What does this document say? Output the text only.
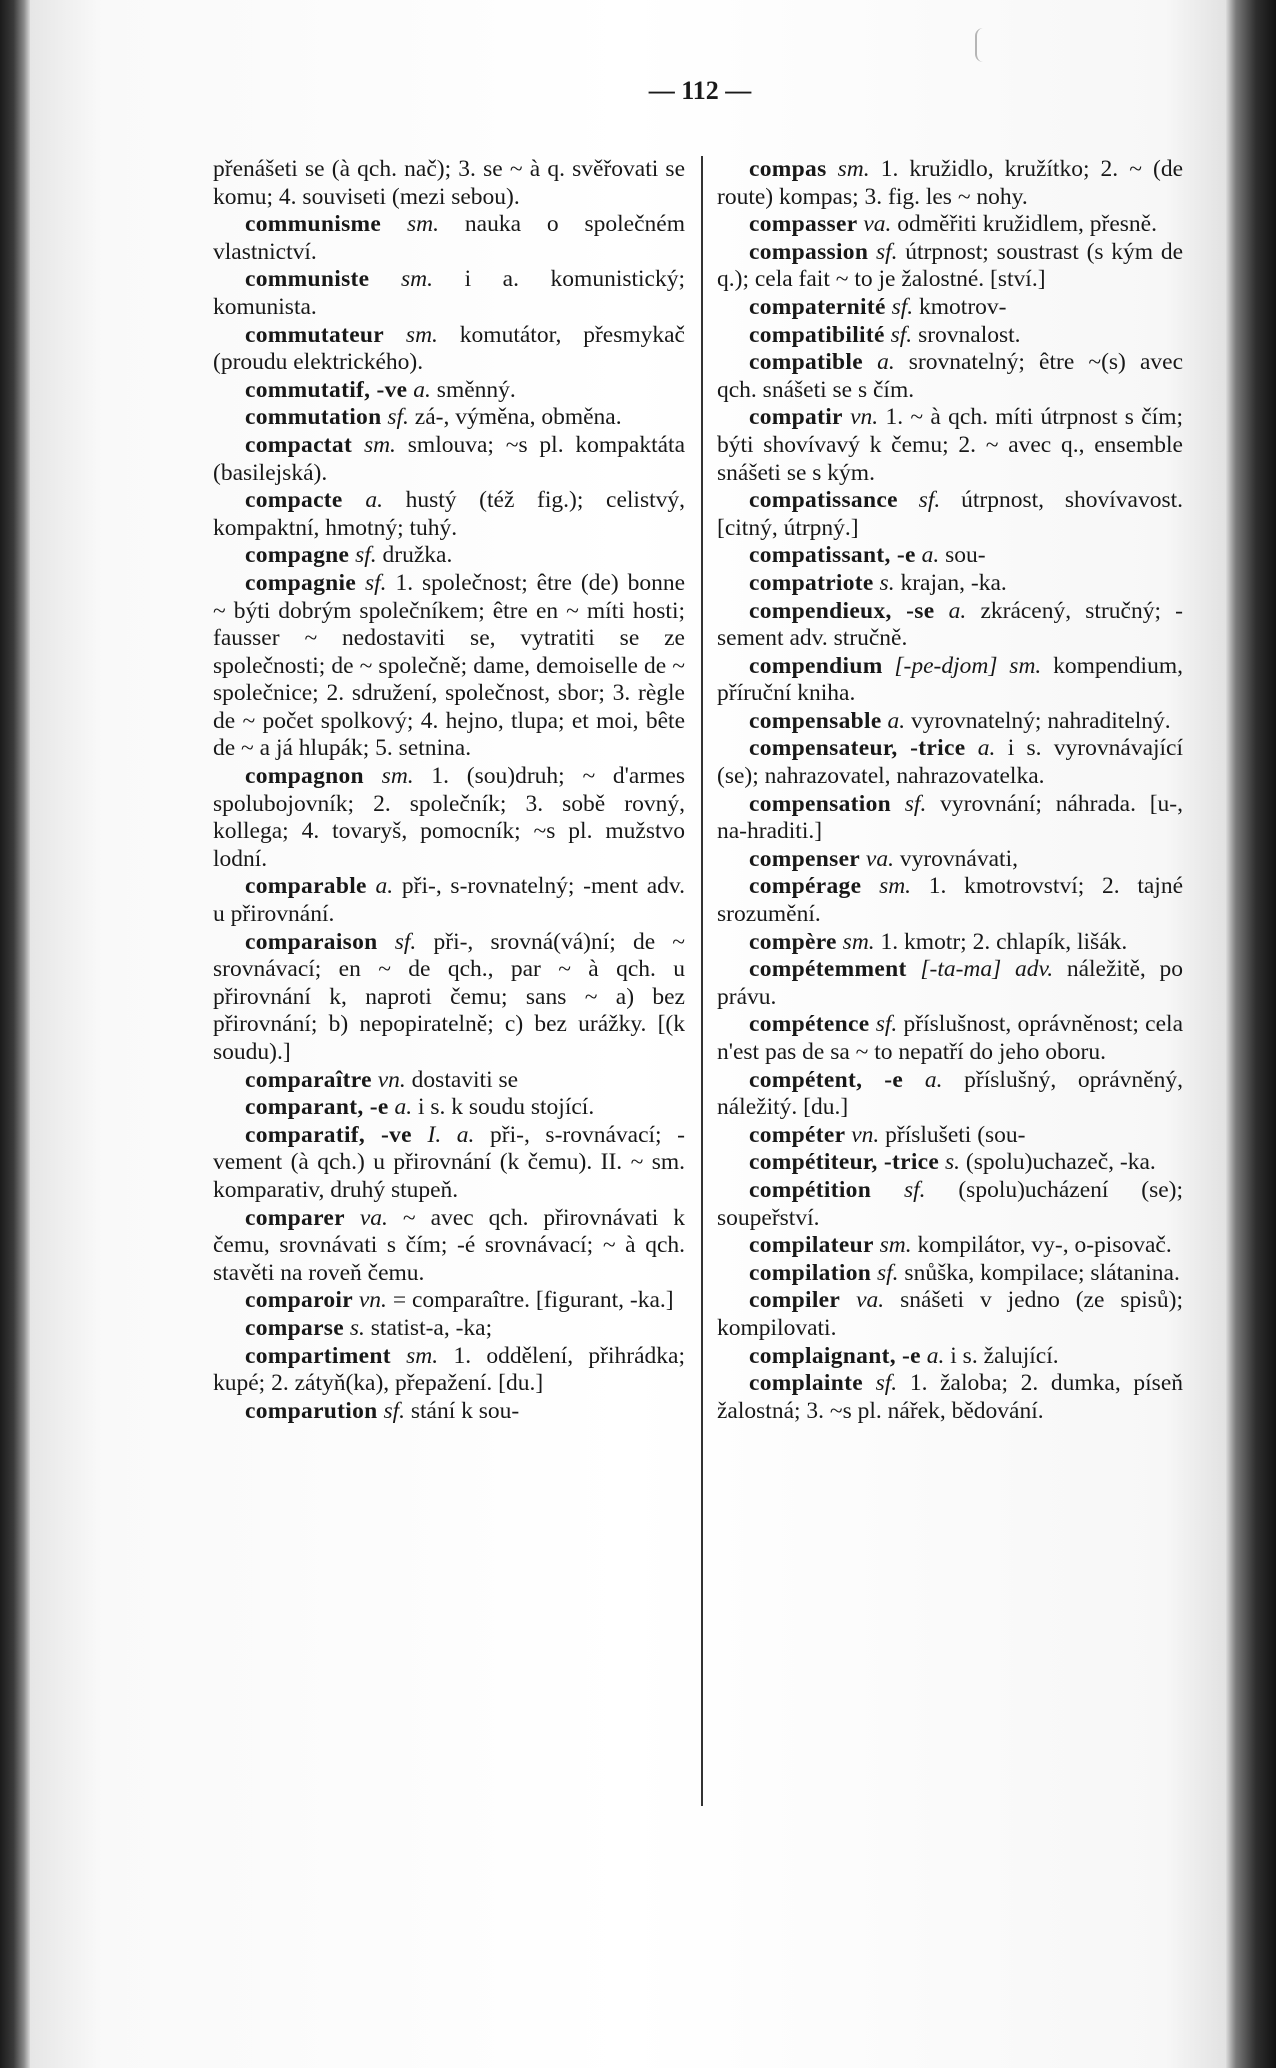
— 112 —

přenášeti se (à qch. nač); 3. se ~ à q. svěřovati se komu; 4. souviseti (mezi sebou).

communisme sm. nauka o společném vlastnictví.

communiste sm. i a. komunistický; komunista.

commutateur sm. komutátor, přesmykač (proudu elektrického).

commutatif, -ve a. směnný.

commutation sf. zá-, výměna, obměna.

compactat sm. smlouva; ~s pl. kompaktáta (basilejská).

compacte a. hustý (též fig.); celistvý, kompaktní, hmotný; tuhý.

compagne sf. družka.

compagnie sf. 1. společnost; être (de) bonne ~ býti dobrým společníkem; être en ~ míti hosti; fausser ~ nedostaviti se, vytratiti se ze společnosti; de ~ společně; dame, demoiselle de ~ společnice; 2. sdružení, společnost, sbor; 3. règle de ~ počet spolkový; 4. hejno, tlupa; et moi, bête de ~ a já hlupák; 5. setnina.

compagnon sm. 1. (sou)druh; ~ d'armes spolubojovník; 2. společník; 3. sobě rovný, kollega; 4. tovaryš, pomocník; ~s pl. mužstvo lodní.

comparable a. při-, s-rovnatelný; -ment adv. u přirovnání.

comparaison sf. při-, srovná(vá)ní; de ~ srovnávací; en ~ de qch., par ~ à qch. u přirovnání k, naproti čemu; sans ~ a) bez přirovnání; b) nepopiratelně; c) bez urážky. [(k soudu).]

comparaître vn. dostaviti se

comparant, -e a. i s. k soudu stojící.

comparatif, -ve I. a. při-, s-rovnávací; -vement (à qch.) u přirovnání (k čemu). II. ~ sm. komparativ, druhý stupeň.

comparer va. ~ avec qch. přirovnávati k čemu, srovnávati s čím; -é srovnávací; ~ à qch. stavěti na roveň čemu.

comparoir vn. = comparaître. [figurant, -ka.]

comparse s. statist-a, -ka;

compartiment sm. 1. oddělení, přihrádka; kupé; 2. zátyň(ka), přepažení. [du.]

comparution sf. stání k sou-

compas sm. 1. kružidlo, kružítko; 2. ~ (de route) kompas; 3. fig. les ~ nohy.

compasser va. odměřiti kružidlem, přesně.

compassion sf. útrpnost; soustrast (s kým de q.); cela fait ~ to je žalostné. [ství.]

compaternité sf. kmotrov-

compatibilité sf. srovnalost.

compatible a. srovnatelný; être ~(s) avec qch. snášeti se s čím.

compatir vn. 1. ~ à qch. míti útrpnost s čím; býti shovívavý k čemu; 2. ~ avec q., ensemble snášeti se s kým.

compatissance sf. útrpnost, shovívavost. [citný, útrpný.]

compatissant, -e a. sou-

compatriote s. krajan, -ka.

compendieux, -se a. zkrácený, stručný; -sement adv. stručně.

compendium [-pe-djom] sm. kompendium, příruční kniha.

compensable a. vyrovnatelný; nahraditelný.

compensateur, -trice a. i s. vyrovnávající (se); nahrazovatel, nahrazovatelka.

compensation sf. vyrovnání; náhrada. [u-, na-hraditi.]

compenser va. vyrovnávati,

compérage sm. 1. kmotrovství; 2. tajné srozumění.

compère sm. 1. kmotr; 2. chlapík, lišák.

compétemment [-ta-ma] adv. náležitě, po právu.

compétence sf. příslušnost, oprávněnost; cela n'est pas de sa ~ to nepatří do jeho oboru.

compétent, -e a. příslušný, oprávněný, náležitý. [du.]

compéter vn. příslušeti (sou-

compétiteur, -trice s. (spolu)uchazeč, -ka.

compétition sf. (spolu)ucházení (se); soupeřství.

compilateur sm. kompilátor, vy-, o-pisovač.

compilation sf. snůška, kompilace; slátanina.

compiler va. snášeti v jedno (ze spisů); kompilovati.

complaignant, -e a. i s. žalující.

complainte sf. 1. žaloba; 2. dumka, píseň žalostná; 3. ~s pl. nářek, bědování.
